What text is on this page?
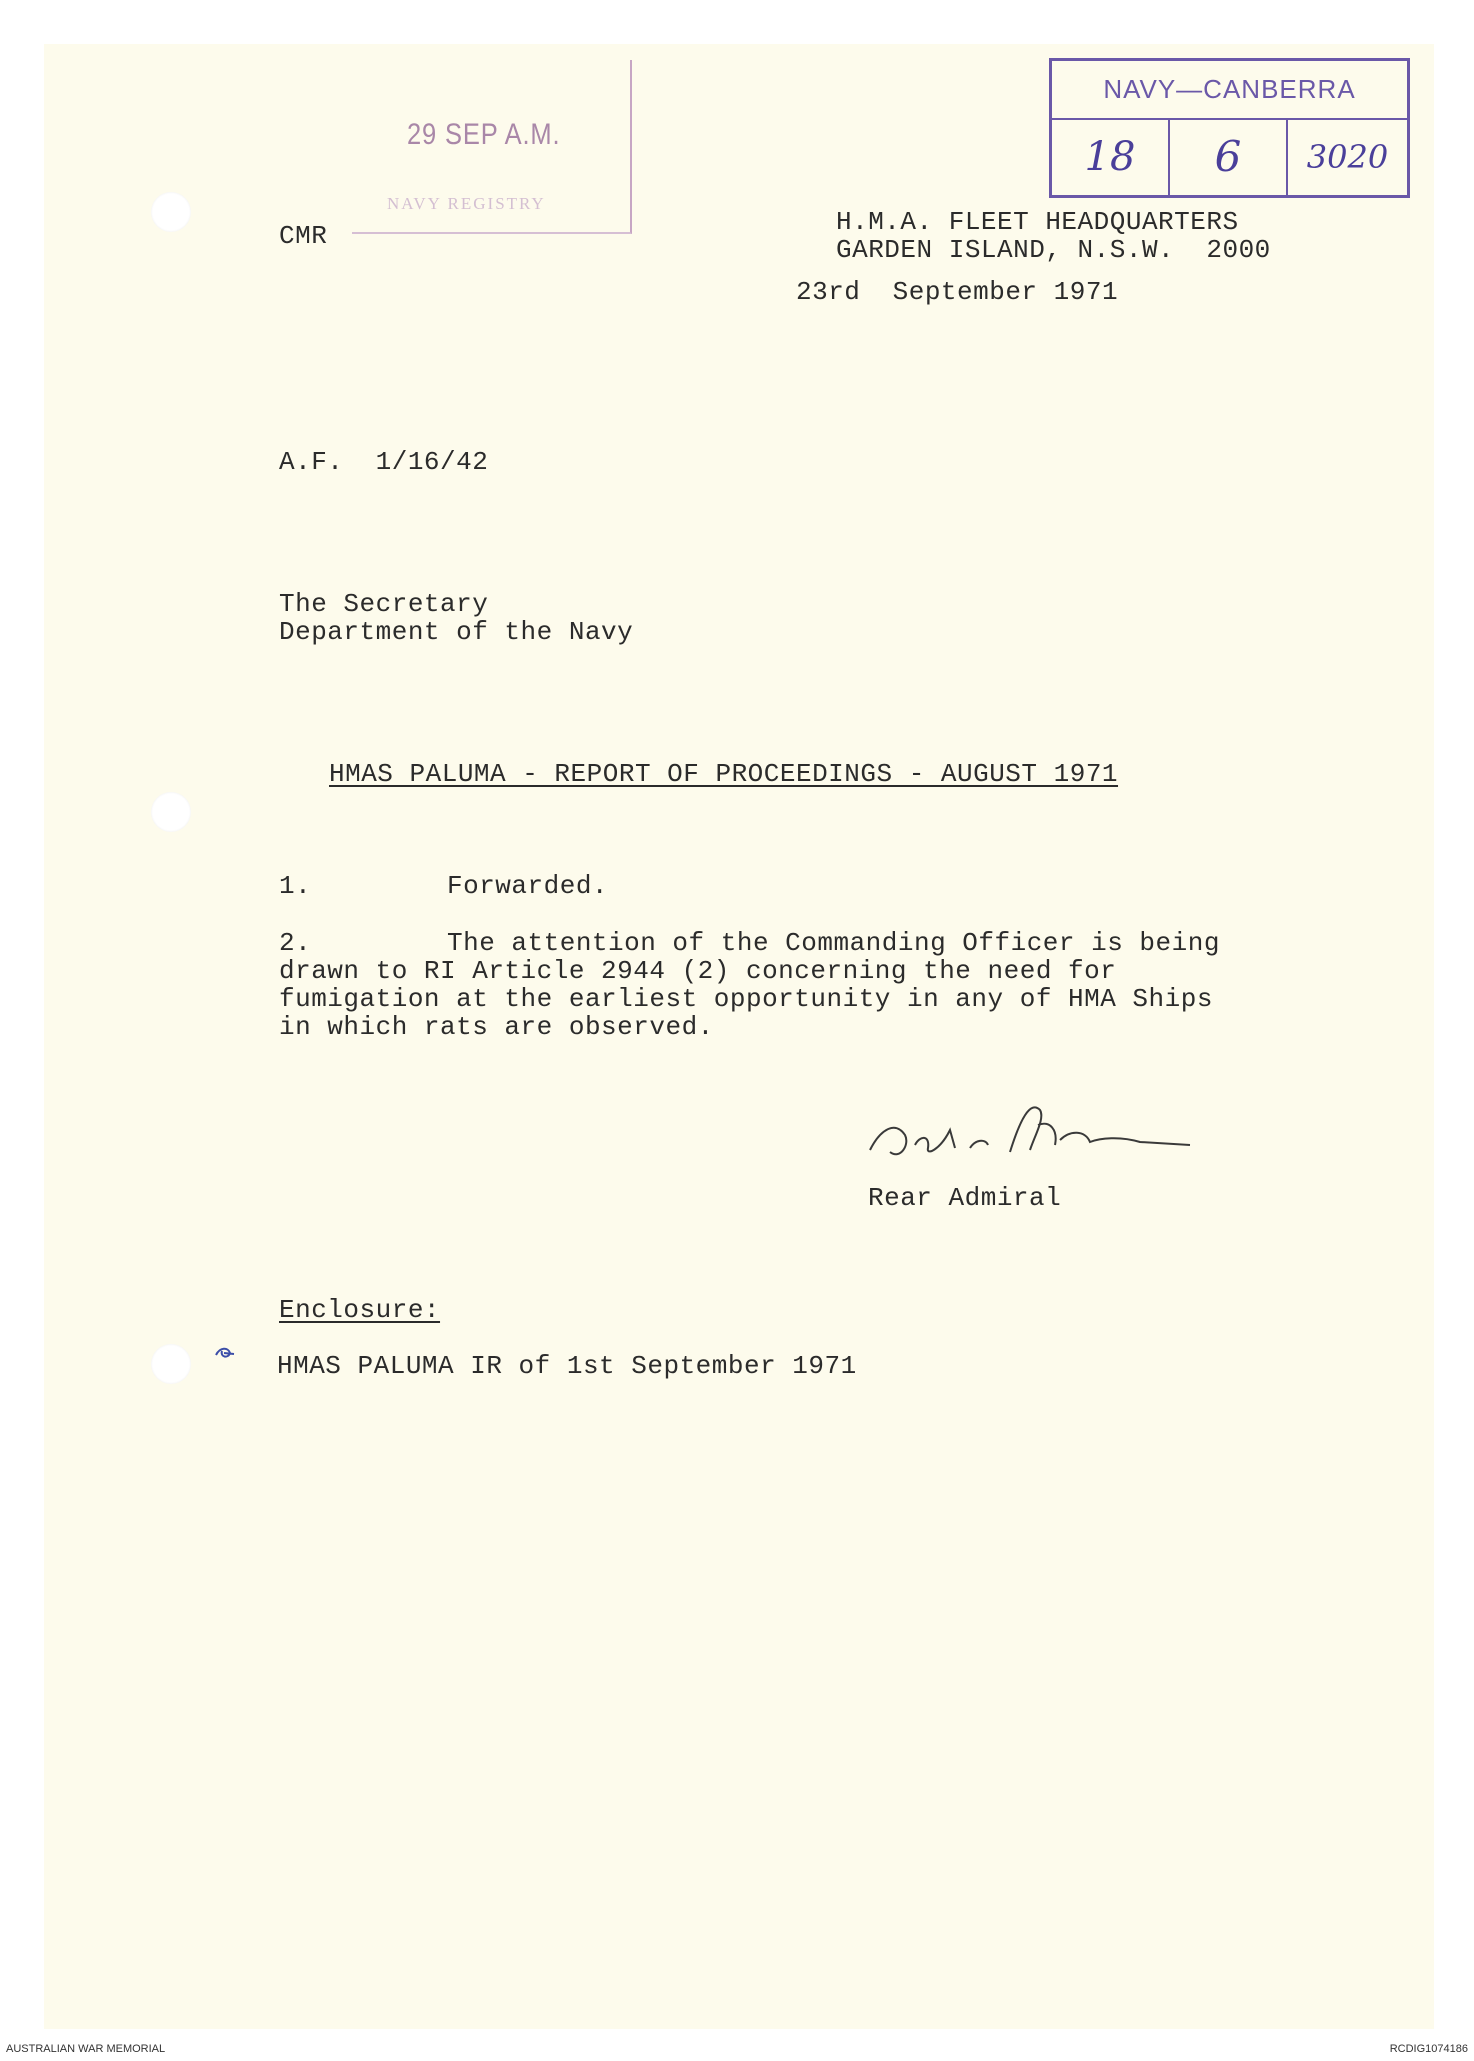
29 SEP A.M.
NAVY REGISTRY
NAVY—CANBERRA
18	6	3020
CMR	H.M.A. FLEET HEADQUARTERS
GARDEN ISLAND, N.S.W.  2000
23rd  September 1971
A.F.  1/16/42
The Secretary
Department of the Navy
HMAS PALUMA - REPORT OF PROCEEDINGS - AUGUST 1971
1.	Forwarded.
2.	The attention of the Commanding Officer is being
drawn to RI Article 2944 (2) concerning the need for
fumigation at the earliest opportunity in any of HMA Ships
in which rats are observed.
Rear Admiral
Enclosure:
HMAS PALUMA IR of 1st September 1971
AUSTRALIAN WAR MEMORIAL	RCDIG1074186
